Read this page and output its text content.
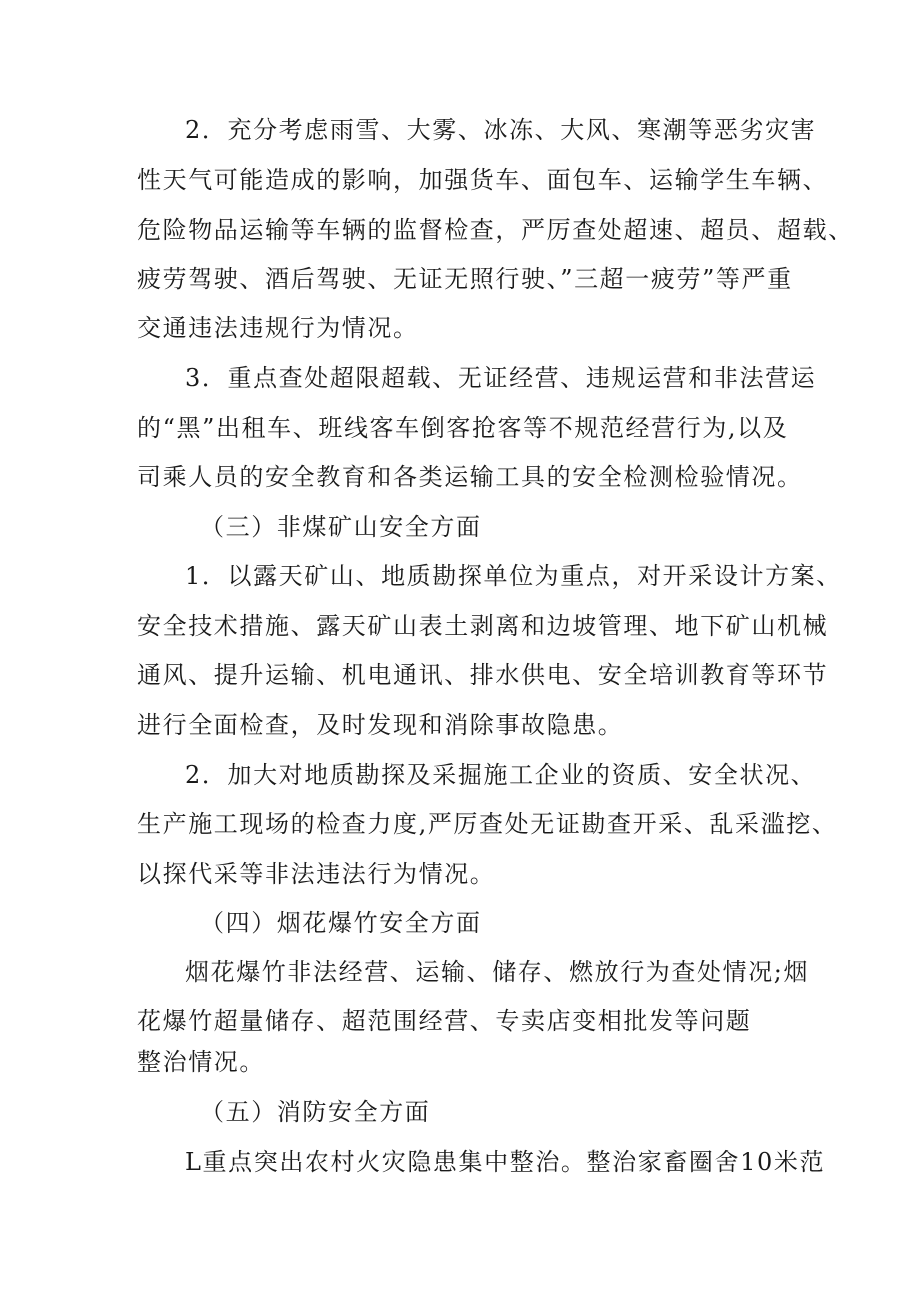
2．充分考虑雨雪、大雾、冰冻、大风、寒潮等恶劣灾害
性天气可能造成的影响，加强货车、面包车、运输学生车辆、
危险物品运输等车辆的监督检查，严厉查处超速、超员、超载、
疲劳驾驶、酒后驾驶、无证无照行驶、”三超一疲劳”等严重
交通违法违规行为情况。
3．重点查处超限超载、无证经营、违规运营和非法营运
的“黑”出租车、班线客车倒客抢客等不规范经营行为,以及
司乘人员的安全教育和各类运输工具的安全检测检验情况。
（三）非煤矿山安全方面
1．以露天矿山、地质勘探单位为重点，对开采设计方案、
安全技术措施、露天矿山表土剥离和边坡管理、地下矿山机械
通风、提升运输、机电通讯、排水供电、安全培训教育等环节
进行全面检查，及时发现和消除事故隐患。
2．加大对地质勘探及采掘施工企业的资质、安全状况、
生产施工现场的检查力度,严厉查处无证勘查开采、乱采滥挖、
以探代采等非法违法行为情况。
（四）烟花爆竹安全方面
烟花爆竹非法经营、运输、储存、燃放行为查处情况;烟
花爆竹超量储存、超范围经营、专卖店变相批发等问题
整治情况。
（五）消防安全方面
L重点突出农村火灾隐患集中整治。整治家畜圈舍10米范
